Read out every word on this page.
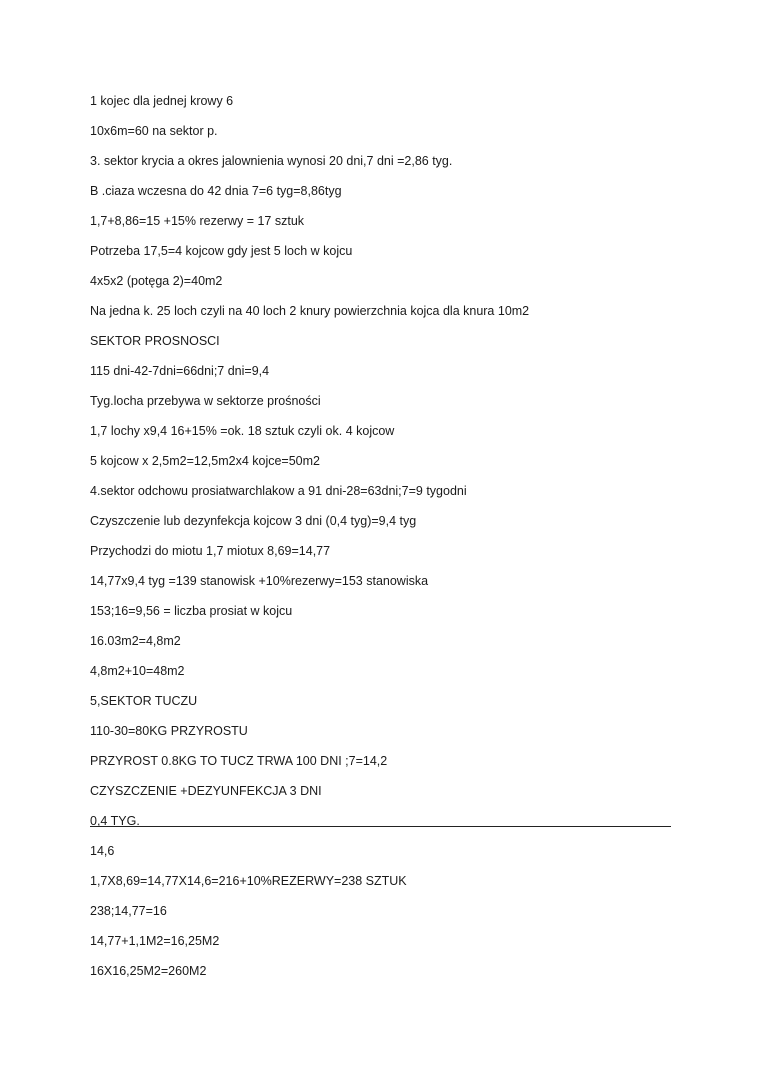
1 kojec dla jednej krowy 6
10x6m=60 na sektor p.
3. sektor krycia a okres jalownienia wynosi 20 dni,7 dni =2,86 tyg.
B .ciaza wczesna do 42 dnia 7=6 tyg=8,86tyg
1,7+8,86=15 +15% rezerwy = 17 sztuk
Potrzeba 17,5=4 kojcow gdy jest 5 loch w kojcu
4x5x2 (potęga 2)=40m2
Na jedna k. 25 loch czyli na 40 loch 2 knury powierzchnia kojca dla knura 10m2
SEKTOR PROSNOSCI
115 dni-42-7dni=66dni;7 dni=9,4
Tyg.locha przebywa w sektorze prośności
1,7 lochy x9,4 16+15% =ok. 18 sztuk czyli ok. 4 kojcow
5 kojcow x 2,5m2=12,5m2x4 kojce=50m2
4.sektor odchowu prosiatwarchlakow a 91 dni-28=63dni;7=9 tygodni
Czyszczenie lub dezynfekcja kojcow 3 dni (0,4 tyg)=9,4 tyg
Przychodzi do miotu 1,7 miotux 8,69=14,77
14,77x9,4 tyg =139 stanowisk +10%rezerwy=153 stanowiska
153;16=9,56 = liczba prosiat w kojcu
16.03m2=4,8m2
4,8m2+10=48m2
5,SEKTOR TUCZU
110-30=80KG PRZYROSTU
PRZYROST 0.8KG TO TUCZ TRWA 100 DNI ;7=14,2
CZYSZCZENIE +DEZYUNFEKCJA 3 DNI
0,4 TYG.
14,6
1,7X8,69=14,77X14,6=216+10%REZERWY=238 SZTUK
238;14,77=16
14,77+1,1M2=16,25M2
16X16,25M2=260M2
